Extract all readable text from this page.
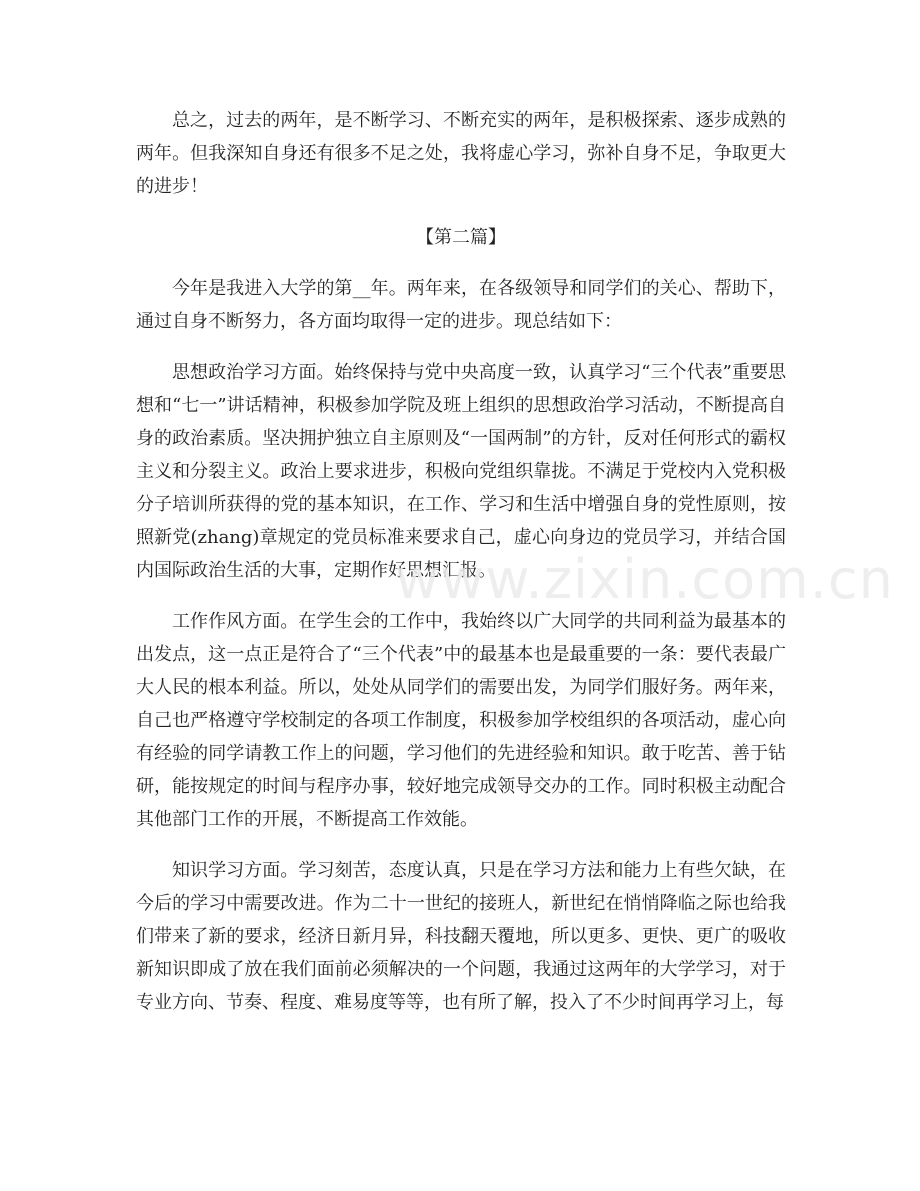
总之，过去的两年，是不断学习、不断充实的两年，是积极探索、逐步成熟的两年。但我深知自身还有很多不足之处，我将虚心学习，弥补自身不足，争取更大的进步！

【第二篇】

今年是我进入大学的第__年。两年来，在各级领导和同学们的关心、帮助下，通过自身不断努力，各方面均取得一定的进步。现总结如下：

思想政治学习方面。始终保持与党中央高度一致，认真学习“三个代表”重要思想和“七一”讲话精神，积极参加学院及班上组织的思想政治学习活动，不断提高自身的政治素质。坚决拥护独立自主原则及“一国两制”的方针，反对任何形式的霸权主义和分裂主义。政治上要求进步，积极向党组织靠拢。不满足于党校内入党积极分子培训所获得的党的基本知识，在工作、学习和生活中增强自身的党性原则，按照新党(zhang)章规定的党员标准来要求自己，虚心向身边的党员学习，并结合国内国际政治生活的大事，定期作好思想汇报。

工作作风方面。在学生会的工作中，我始终以广大同学的共同利益为最基本的出发点，这一点正是符合了“三个代表”中的最基本也是最重要的一条：要代表最广大人民的根本利益。所以，处处从同学们的需要出发，为同学们服好务。两年来，自己也严格遵守学校制定的各项工作制度，积极参加学校组织的各项活动，虚心向有经验的同学请教工作上的问题，学习他们的先进经验和知识。敢于吃苦、善于钻研，能按规定的时间与程序办事，较好地完成领导交办的工作。同时积极主动配合其他部门工作的开展，不断提高工作效能。

知识学习方面。学习刻苦，态度认真，只是在学习方法和能力上有些欠缺，在今后的学习中需要改进。作为二十一世纪的接班人，新世纪在悄悄降临之际也给我们带来了新的要求，经济日新月异，科技翻天覆地，所以更多、更快、更广的吸收新知识即成了放在我们面前必须解决的一个问题，我通过这两年的大学学习，对于专业方向、节奏、程度、难易度等等，也有所了解，投入了不少时间再学习上，每

www.zixin.com.cn
